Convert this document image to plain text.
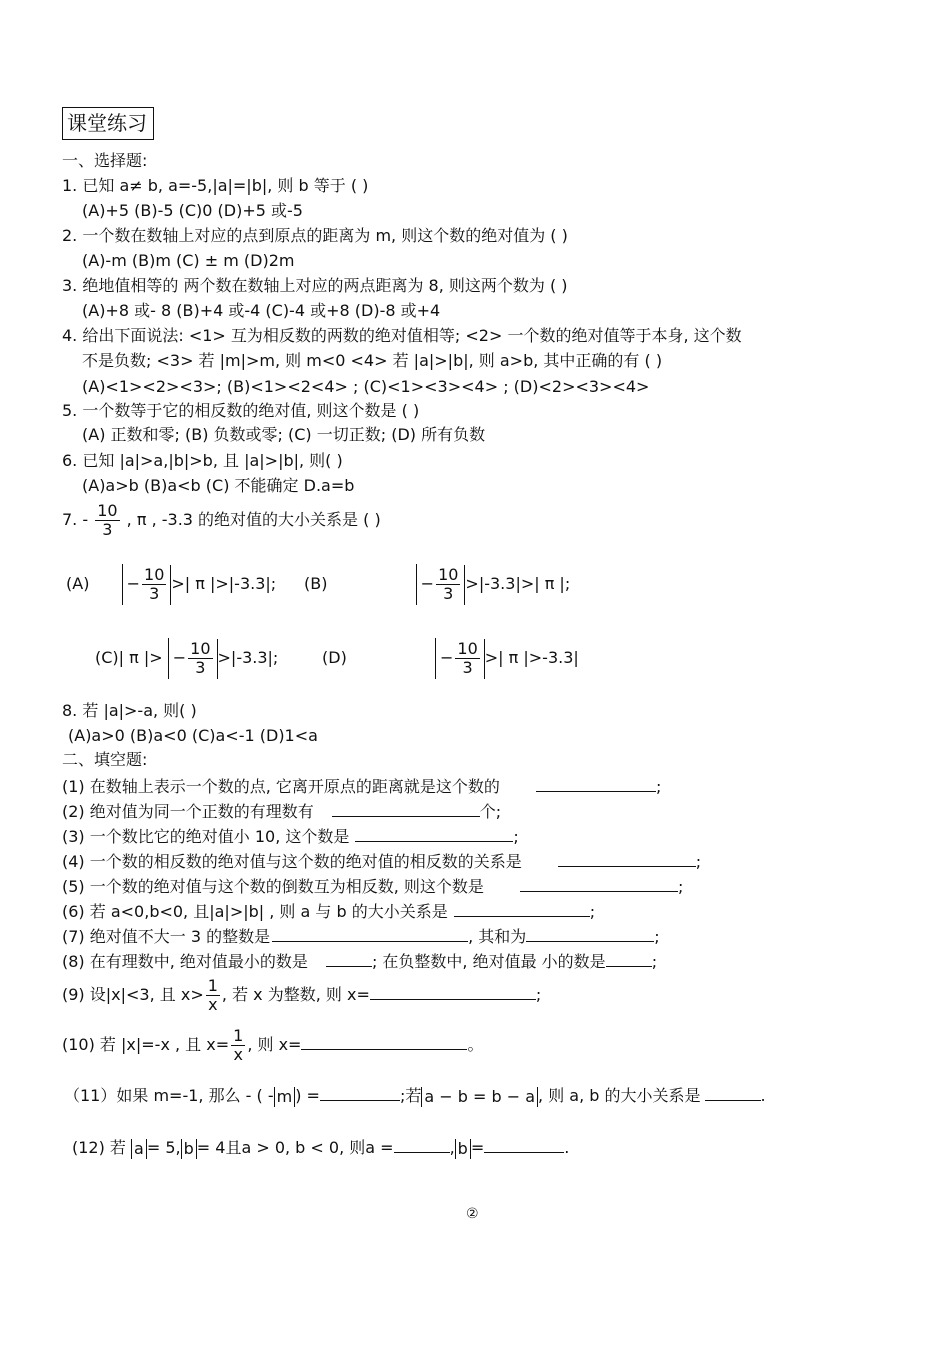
课堂练习
一、选择题:
1. 已知 a≠ b, a=-5,|a|=|b|, 则 b 等于 ( )
(A)+5 (B)-5 (C)0 (D)+5 或-5
2. 一个数在数轴上对应的点到原点的距离为 m, 则这个数的绝对值为 ( )
(A)-m (B)m (C) ± m (D)2m
3. 绝地值相等的 两个数在数轴上对应的两点距离为 8, 则这两个数为 ( )
(A)+8 或- 8 (B)+4 或-4 (C)-4 或+8 (D)-8 或+4
4. 给出下面说法: <1> 互为相反数的两数的绝对值相等; <2> 一个数的绝对值等于本身, 这个数
不是负数; <3> 若 |m|>m, 则 m<0 <4> 若 |a|>|b|, 则 a>b, 其中正确的有 ( )
(A)<1><2><3>; (B)<1><2<4> ; (C)<1><3><4> ; (D)<2><3><4>
5. 一个数等于它的相反数的绝对值, 则这个数是 ( )
(A) 正数和零; (B) 负数或零; (C) 一切正数; (D) 所有负数
6. 已知 |a|>a,|b|>b, 且 |a|>|b|, 则( )
(A)a>b (B)a<b (C) 不能确定 D.a=b
7. - $\frac{10}{3}$ , π , -3.3 的绝对值的大小关系是 ( )
$(A) - \frac{10}{3}$ >| π |>|-3.3|; (B)	− $\frac{10}{3} >|-3.3|>|$ π |;
(C)| π |> − $\frac{10}{3} >|-3.3|$;	(D)	− $\frac{10}{3}$ >| π |>-3.3|
8. 若 |a|>-a, 则( )
(A)a>0 (B)a<0 (C)a<-1 (D)1<a
二、填空题:
(1) 在数轴上表示一个数的点, 它离开原点的距离就是这个数的	;
(2) 绝对值为同一个正数的有理数有	个;
(3) 一个数比它的绝对值小 10, 这个数是	;
(4) 一个数的相反数的绝对值与这个数的绝对值的相反数的关系是	;
(5) 一个数的绝对值与这个数的倒数互为相反数, 则这个数是	;
(6) 若 a<0,b<0, 且|a|>|b| , 则 a 与 b 的大小关系是	;
(7) 绝对值不大一 3 的整数是	, 其和为	;
(8) 在有理数中, 绝对值最小的数是	; 在负整数中, 绝对值最 小的数是	;
(9) 设|x|<3, 且 $x> \frac{1}{x}$ , 若 x 为整数, 则 x=	;
(10) 若 |x|=-x , 且 $x= \frac{1}{x}$ , 则 x=	。
（11）如果 m=-1, 那么 - ( - m ) =	;若 a − b = b − a , 则 a, b 的大小关系是	.
(12) 若 a = 5, b = 4且a > 0, b < 0, 则a =	, b =	.
②
